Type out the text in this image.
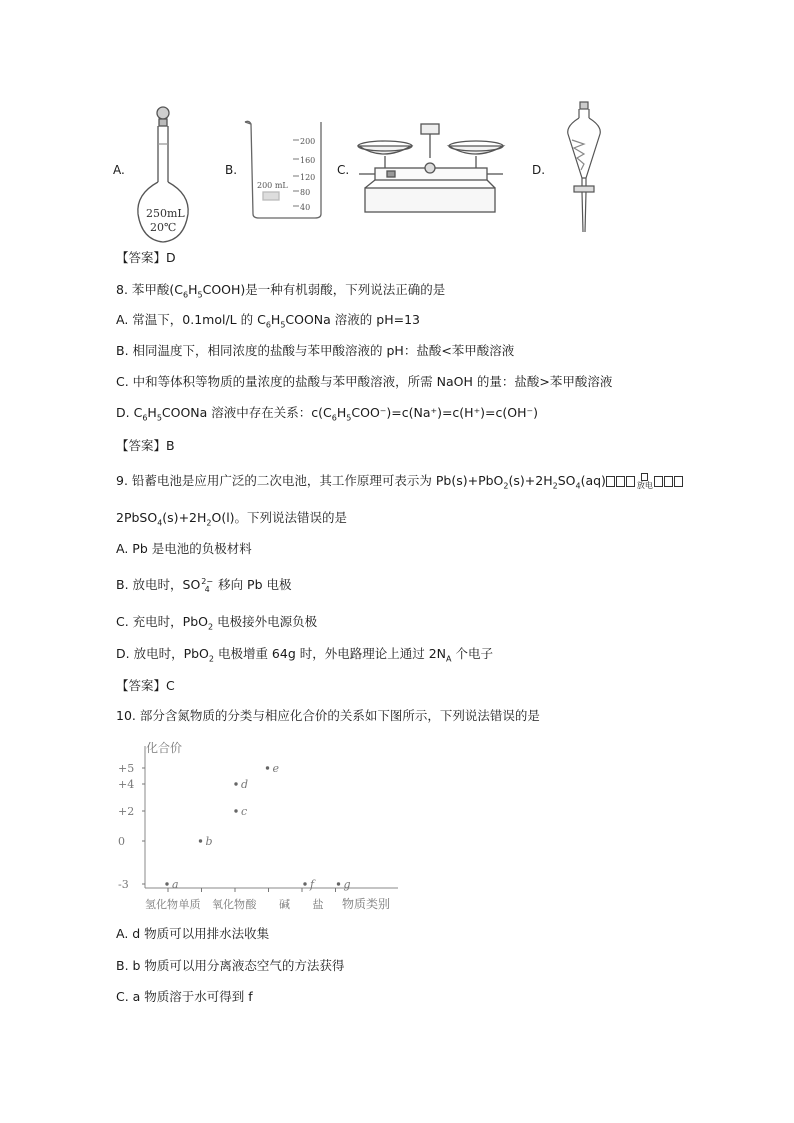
A.
250mL
20℃
B.
200
160
120
80
40
200 mL
C.	D.
【答案】D
8. 苯甲酸$(C_6H_5COOH)$是一种有机弱酸，下列说法正确的是
A. 常温下，0.1mol/L 的 $C_6H_5COONa$ 溶液的 pH=13
B. 相同温度下，相同浓度的盐酸与苯甲酸溶液的 pH：盐酸<苯甲酸溶液
C. 中和等体积等物质的量浓度的盐酸与苯甲酸溶液，所需 NaOH 的量：盐酸>苯甲酸溶液
D. $C_6H_5COONa$ 溶液中存在关系：$c(C_6H_5COO^-)=c(Na^+)=c(H^+)=c(OH^-)$
【答案】B
9. 铅蓄电池是应用广泛的二次电池，其工作原理可表示为 $Pb(s)+PbO_2(s)+2H_2SO_4(aq)$	放电
$2PbSO_4(s)+2H_2O(l)$。下列说法错误的是
A. Pb 是电池的负极材料
B. 放电时，SO2−
4 移向 Pb 电极
C. 充电时，PbO$_2$ 电极接外电源负极
D. 放电时，PbO$_2$ 电极增重 64g 时，外电路理论上通过 $2N_A$ 个电子
【答案】C
10. 部分含氮物质的分类与相应化合价的关系如下图所示，下列说法错误的是
化合价
+5
+4
+2
0
-3
氢化物 单质 氧化物 酸 碱 盐
a
b
c
d
e
f	g
物质类别
A. d 物质可以用排水法收集
B. b 物质可以用分离液态空气的方法获得
C. a 物质溶于水可得到 f
